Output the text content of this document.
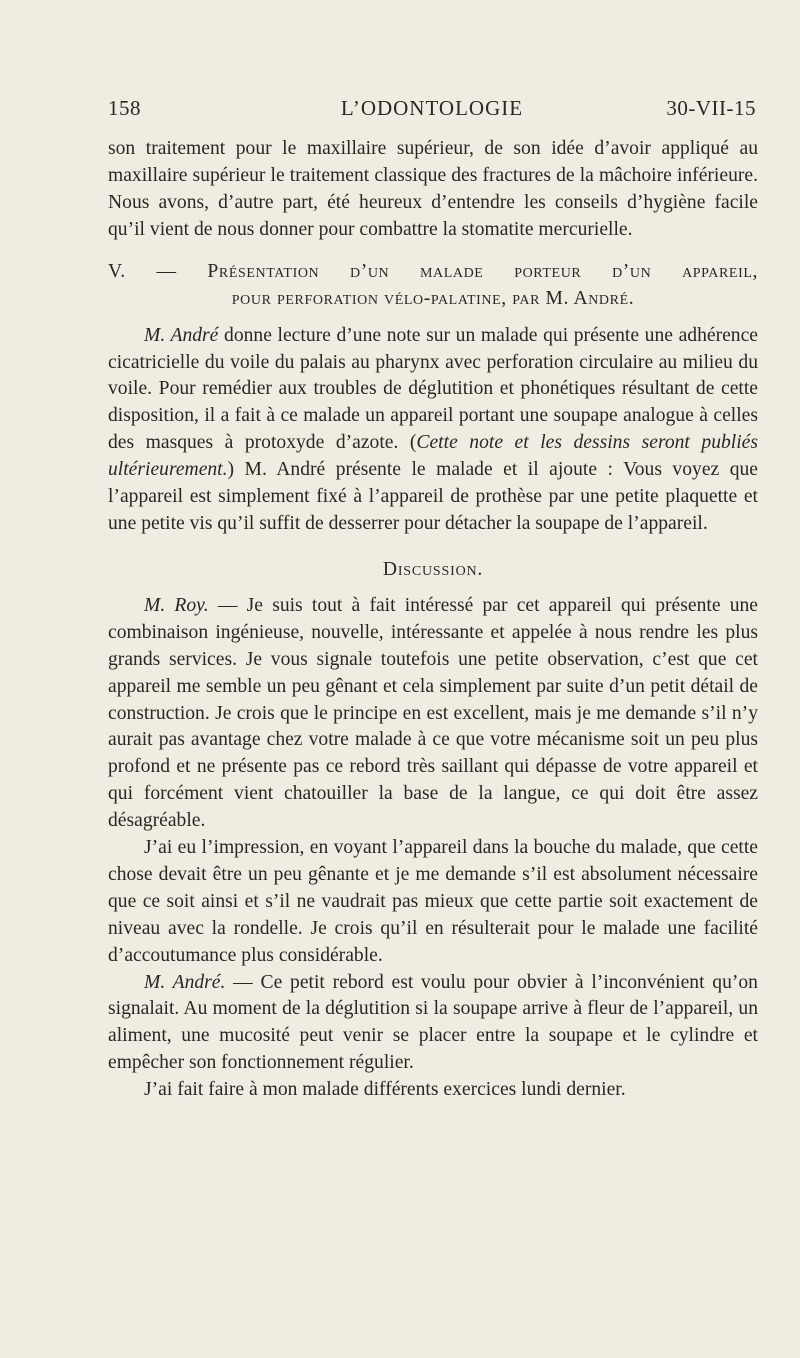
158	L’ODONTOLOGIE	30-VII-15

son traitement pour le maxillaire supérieur, de son idée d’avoir appliqué au maxillaire supérieur le traitement classique des fractures de la mâchoire inférieure. Nous avons, d’autre part, été heureux d’entendre les conseils d’hygiène facile qu’il vient de nous donner pour combattre la stomatite mercurielle.

V. — Présentation d’un malade porteur d’un appareil,
pour perforation vélo-palatine, par M. André.

M. André donne lecture d’une note sur un malade qui présente une adhérence cicatricielle du voile du palais au pharynx avec perforation circulaire au milieu du voile. Pour remédier aux troubles de déglutition et phonétiques résultant de cette disposition, il a fait à ce malade un appareil portant une soupape analogue à celles des masques à protoxyde d’azote. (Cette note et les dessins seront publiés ultérieurement.) M. André présente le malade et il ajoute : Vous voyez que l’appareil est simplement fixé à l’appareil de prothèse par une petite plaquette et une petite vis qu’il suffit de desserrer pour détacher la soupape de l’appareil.

Discussion.

M. Roy. — Je suis tout à fait intéressé par cet appareil qui présente une combinaison ingénieuse, nouvelle, intéressante et appelée à nous rendre les plus grands services. Je vous signale toutefois une petite observation, c’est que cet appareil me semble un peu gênant et cela simplement par suite d’un petit détail de construction. Je crois que le principe en est excellent, mais je me demande s’il n’y aurait pas avantage chez votre malade à ce que votre mécanisme soit un peu plus profond et ne présente pas ce rebord très saillant qui dépasse de votre appareil et qui forcément vient chatouiller la base de la langue, ce qui doit être assez désagréable.

J’ai eu l’impression, en voyant l’appareil dans la bouche du malade, que cette chose devait être un peu gênante et je me demande s’il est absolument nécessaire que ce soit ainsi et s’il ne vaudrait pas mieux que cette partie soit exactement de niveau avec la rondelle. Je crois qu’il en résulterait pour le malade une facilité d’accoutumance plus considérable.

M. André. — Ce petit rebord est voulu pour obvier à l’inconvénient qu’on signalait. Au moment de la déglutition si la soupape arrive à fleur de l’appareil, un aliment, une mucosité peut venir se placer entre la soupape et le cylindre et empêcher son fonctionnement régulier.

J’ai fait faire à mon malade différents exercices lundi dernier.
